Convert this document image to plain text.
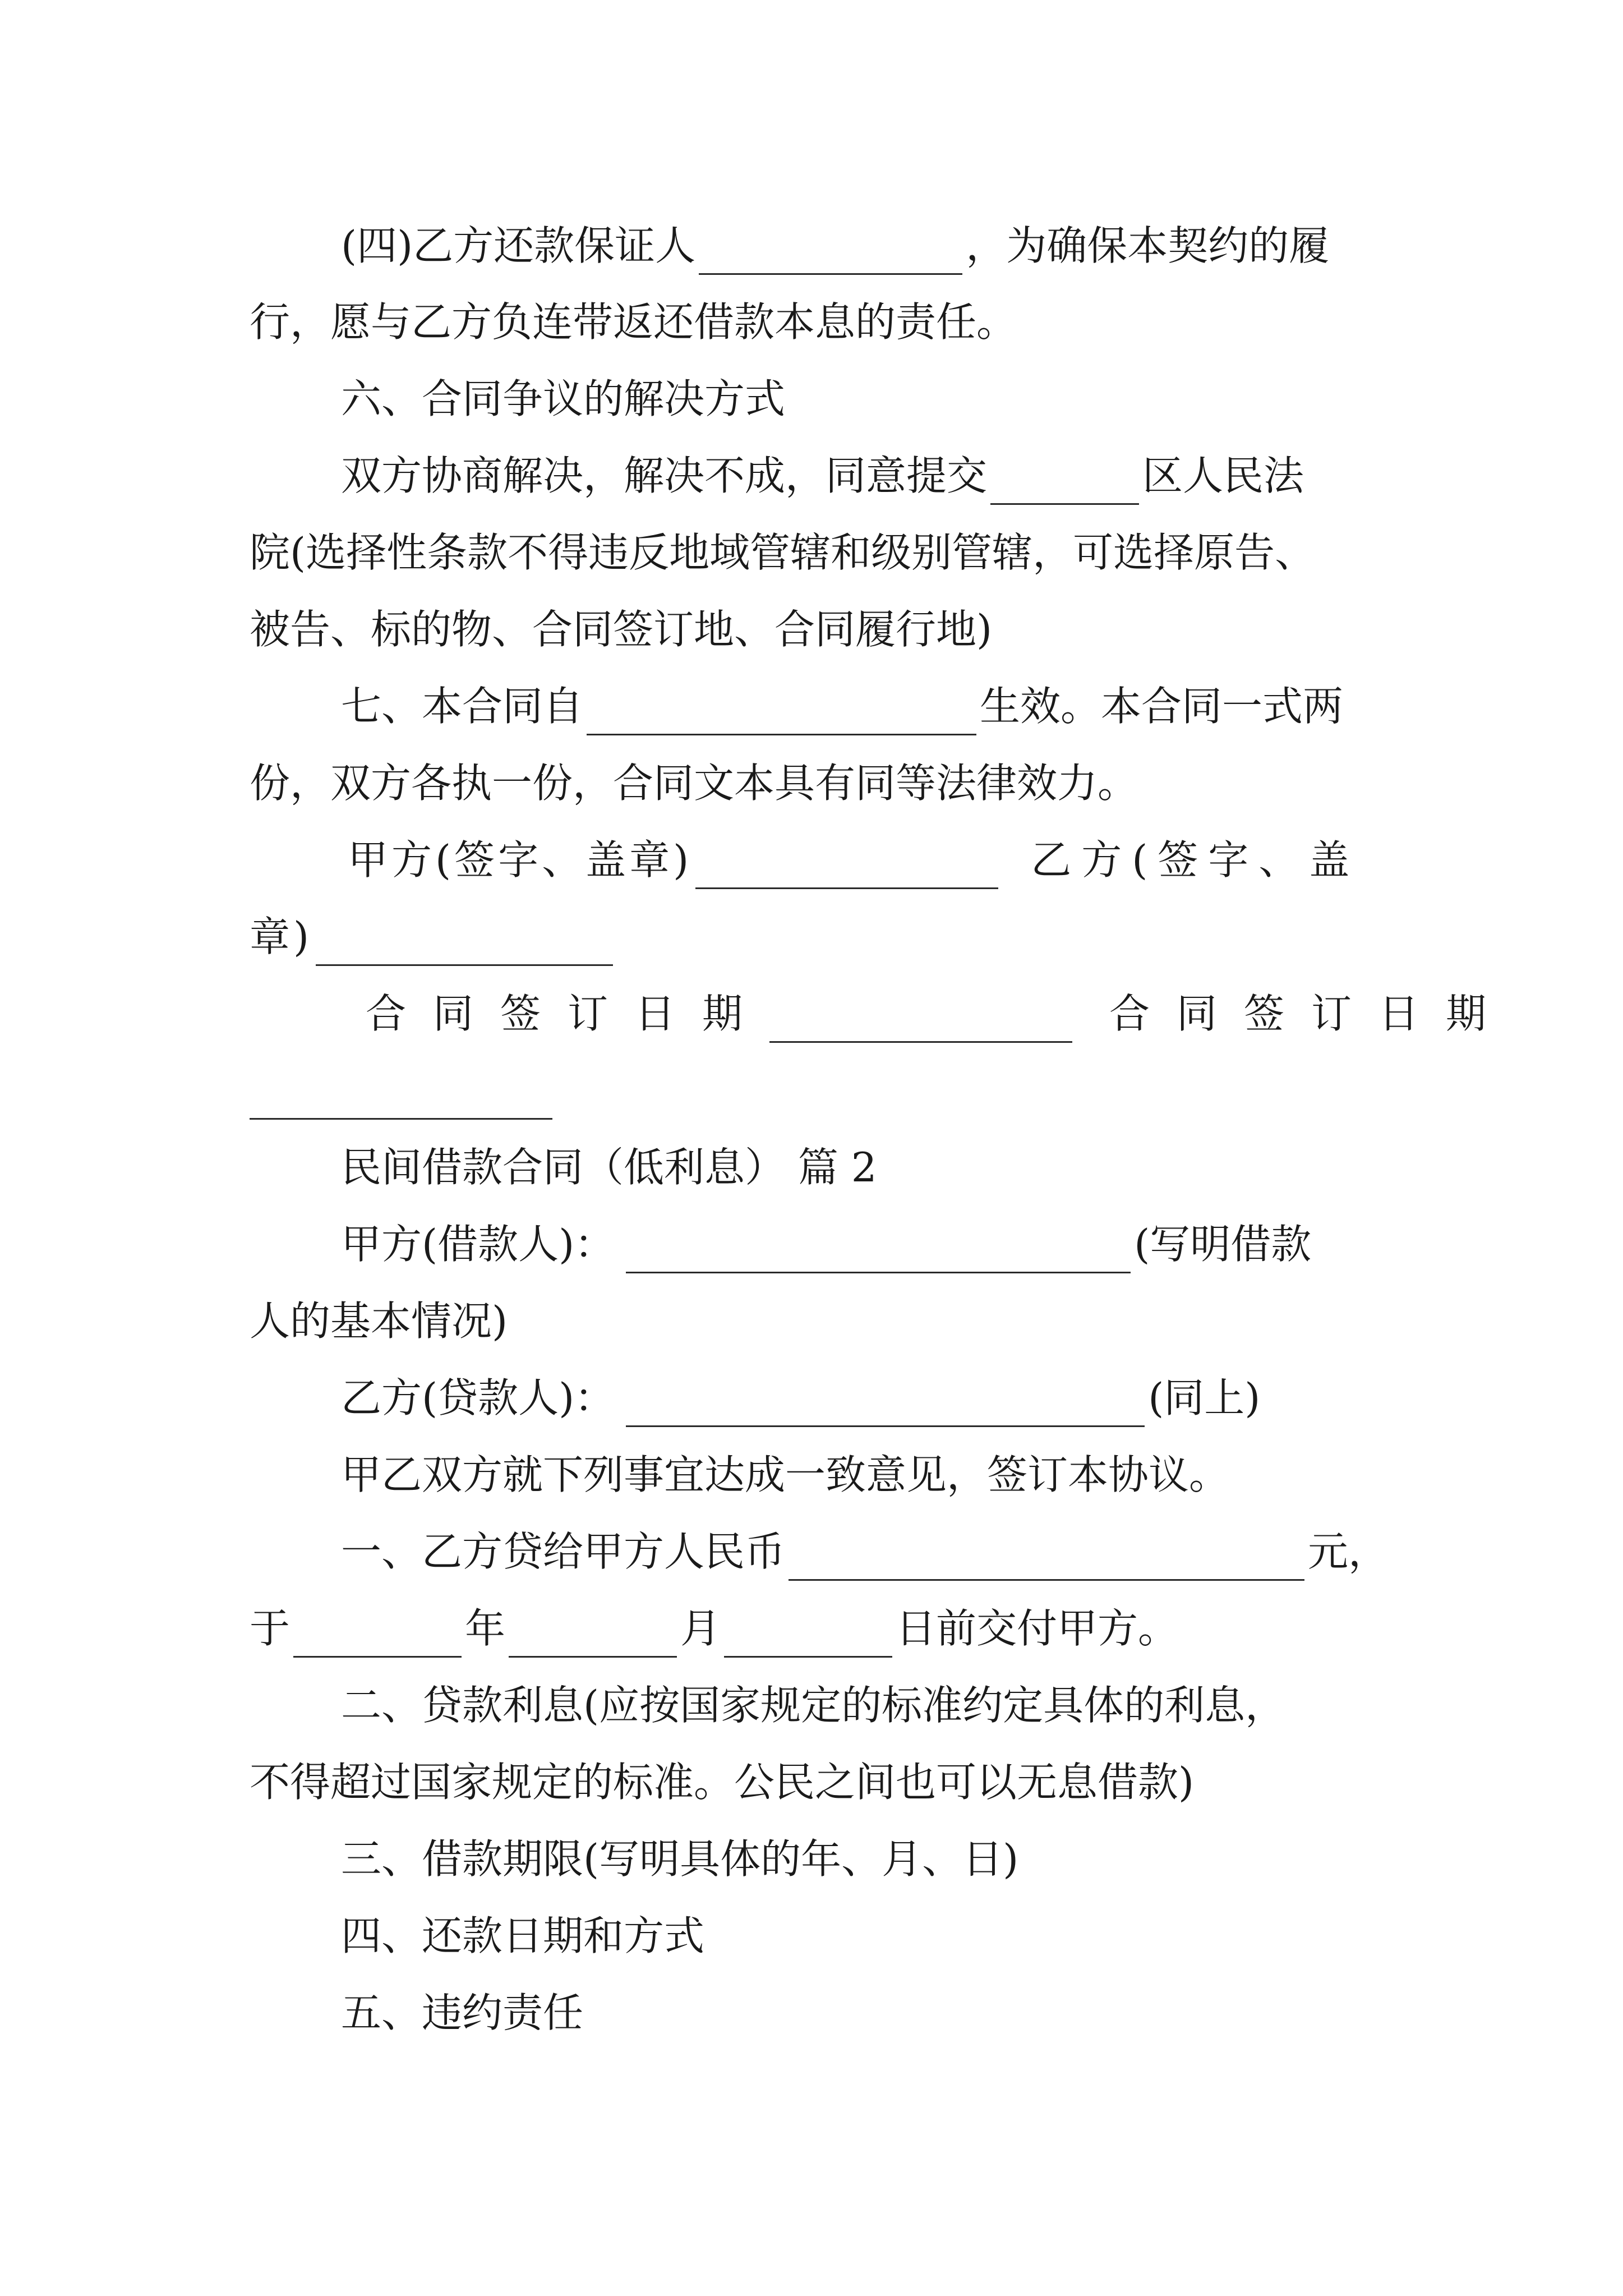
(四)乙方还款保证人	，为确保本契约的履
行，愿与乙方负连带返还借款本息的责任。
六、合同争议的解决方式
双方协商解决，解决不成，同意提交	区人民法
院(选择性条款不得违反地域管辖和级别管辖，可选择原告、
被告、标的物、合同签订地、合同履行地)
七、本合同自	生效。本合同一式两
份，双方各执一份，合同文本具有同等法律效力。
甲方(签字、盖章)	乙方(签字、盖
章)
合同签订日期	合同签订日期
民间借款合同（低利息） 篇 2
甲方(借款人)：	(写明借款
人的基本情况)
乙方(贷款人)：	(同上)
甲乙双方就下列事宜达成一致意见，签订本协议。
一、乙方贷给甲方人民币	元，
于	年	月	日前交付甲方。
二、贷款利息(应按国家规定的标准约定具体的利息，
不得超过国家规定的标准。公民之间也可以无息借款)
三、借款期限(写明具体的年、月、日)
四、还款日期和方式
五、违约责任
